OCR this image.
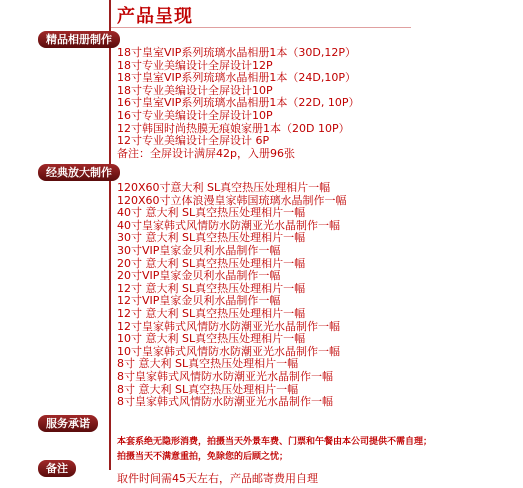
产品呈现
精品相册制作
18寸皇室VIP系列琉璃水晶相册1本（30D,12P）
18寸专业美编设计全屏设计12P
18寸皇室VIP系列琉璃水晶相册1本（24D,10P）
18寸专业美编设计全屏设计10P
16寸皇室VIP系列琉璃水晶相册1本（22D, 10P）
16寸专业美编设计全屏设计10P
12寸韩国时尚热膜无痕娘家册1本（20D 10P）
12寸专业美编设计全屏设计 6P
备注：全屏设计满屏42p，入册96张
经典放大制作
120X60寸意大利 SL真空热压处理相片一幅
120X60寸立体浪漫皇家韩国琉璃水晶制作一幅
40寸 意大利 SL真空热压处理相片一幅
40寸皇家韩式风情防水防潮亚光水晶制作一幅
30寸 意大利 SL真空热压处理相片一幅
30寸VIP皇家金贝利水晶制作一幅
20寸 意大利 SL真空热压处理相片一幅
20寸VIP皇家金贝利水晶制作一幅
12寸 意大利 SL真空热压处理相片一幅
12寸VIP皇家金贝利水晶制作一幅
12寸 意大利 SL真空热压处理相片一幅
12寸皇家韩式风情防水防潮亚光水晶制作一幅
10寸 意大利 SL真空热压处理相片一幅
10寸皇家韩式风情防水防潮亚光水晶制作一幅
8寸 意大利 SL真空热压处理相片一幅
8寸皇家韩式风情防水防潮亚光水晶制作一幅
8寸 意大利 SL真空热压处理相片一幅
8寸皇家韩式风情防水防潮亚光水晶制作一幅
服务承诺
本套系绝无隐形消费，拍摄当天外景车费、门票和午餐由本公司提供不需自理；
拍摄当天不满意重拍，免除您的后顾之忧；
备注
取件时间需45天左右，产品邮寄费用自理
